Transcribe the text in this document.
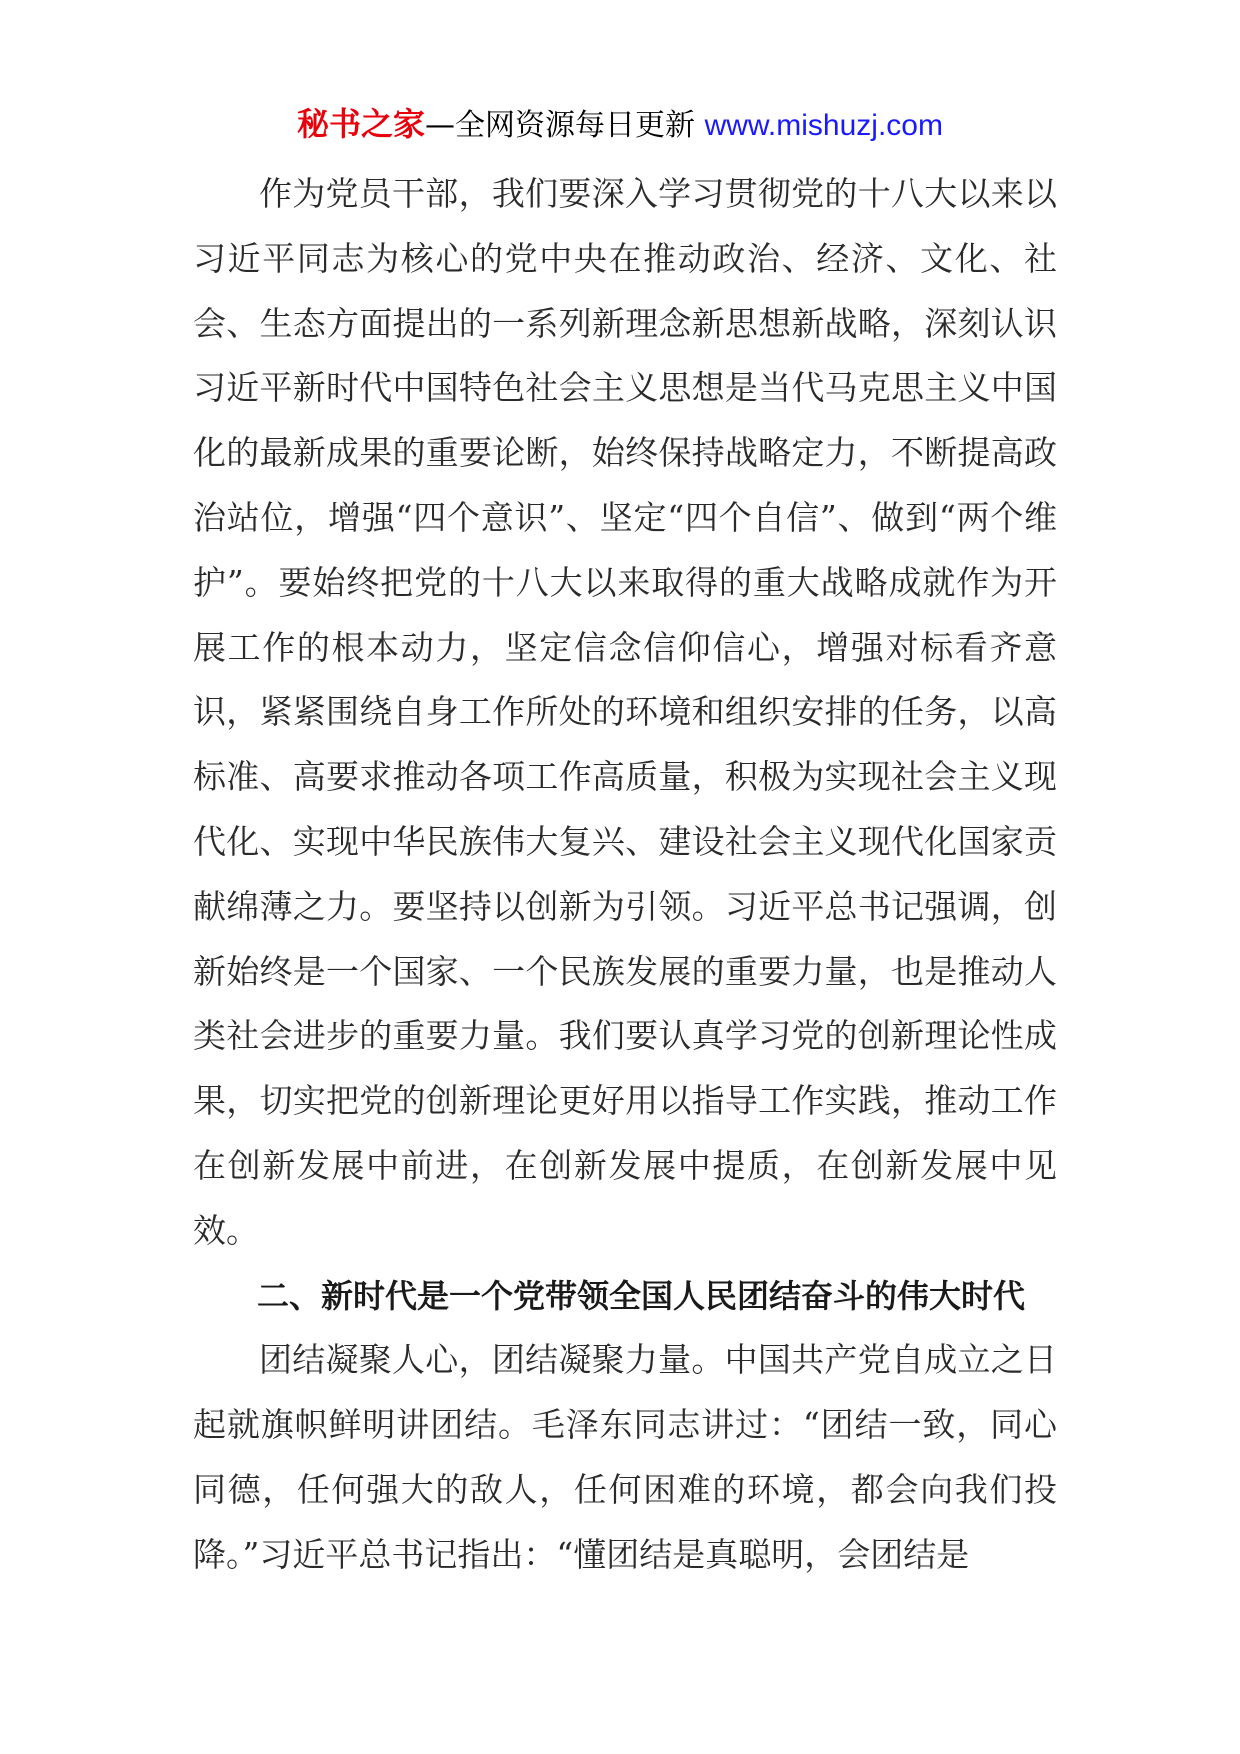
秘书之家—全网资源每日更新 www.mishuzj.com

作为党员干部，我们要深入学习贯彻党的十八大以来以习近平同志为核心的党中央在推动政治、经济、文化、社会、生态方面提出的一系列新理念新思想新战略，深刻认识习近平新时代中国特色社会主义思想是当代马克思主义中国化的最新成果的重要论断，始终保持战略定力，不断提高政治站位，增强“四个意识”、坚定“四个自信”、做到“两个维护”。要始终把党的十八大以来取得的重大战略成就作为开展工作的根本动力，坚定信念信仰信心，增强对标看齐意识，紧紧围绕自身工作所处的环境和组织安排的任务，以高标准、高要求推动各项工作高质量，积极为实现社会主义现代化、实现中华民族伟大复兴、建设社会主义现代化国家贡献绵薄之力。要坚持以创新为引领。习近平总书记强调，创新始终是一个国家、一个民族发展的重要力量，也是推动人类社会进步的重要力量。我们要认真学习党的创新理论性成果，切实把党的创新理论更好用以指导工作实践，推动工作在创新发展中前进，在创新发展中提质，在创新发展中见效。

二、新时代是一个党带领全国人民团结奋斗的伟大时代

团结凝聚人心，团结凝聚力量。中国共产党自成立之日起就旗帜鲜明讲团结。毛泽东同志讲过：“团结一致，同心同德，任何强大的敌人，任何困难的环境，都会向我们投降。”习近平总书记指出：“懂团结是真聪明，会团结是
